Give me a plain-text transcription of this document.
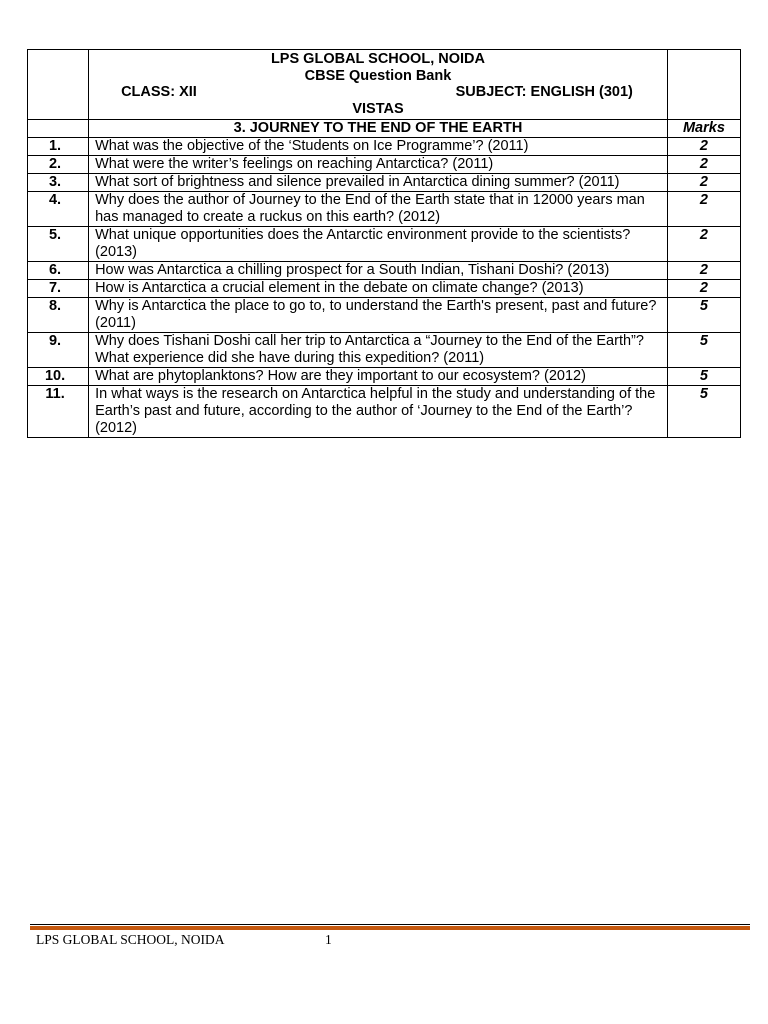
	LPS GLOBAL SCHOOL, NOIDA
CBSE Question Bank
CLASS: XII SUBJECT: ENGLISH (301)
VISTAS	

	3. JOURNEY TO THE END OF THE EARTH	Marks
1.	What was the objective of the ‘Students on Ice Programme’? (2011)	2
2.	What were the writer’s feelings on reaching Antarctica? (2011)	2
3.	What sort of brightness and silence prevailed in Antarctica dining summer? (2011)	2
4.	Why does the author of Journey to the End of the Earth state that in 12000 years man has managed to create a ruckus on this earth? (2012)	2
5.	What unique opportunities does the Antarctic environment provide to the scientists? (2013)	2
6.	How was Antarctica a chilling prospect for a South Indian, Tishani Doshi? (2013)	2
7.	How is Antarctica a crucial element in the debate on climate change? (2013)	2
8.	Why is Antarctica the place to go to, to understand the Earth's present, past and future? (2011)	5
9.	Why does Tishani Doshi call her trip to Antarctica a “Journey to the End of the Earth”? What experience did she have during this expedition? (2011)	5
10.	What are phytoplanktons? How are they important to our ecosystem? (2012)	5
11.	In what ways is the research on Antarctica helpful in the study and understanding of the Earth’s past and future, according to the author of ‘Journey to the End of the Earth’? (2012)	5
LPS GLOBAL SCHOOL, NOIDA	1
